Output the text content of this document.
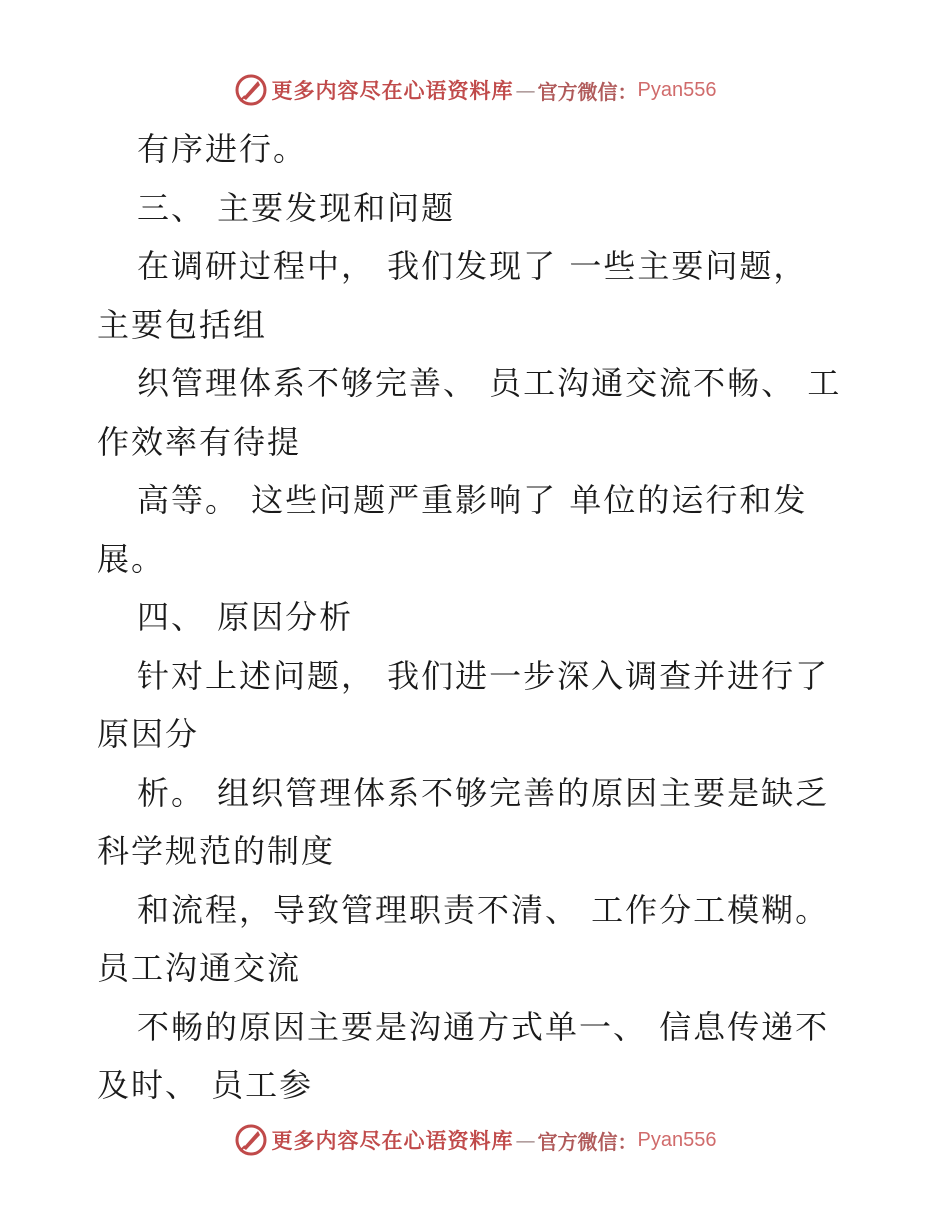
更多内容尽在心语资料库 — 官方微信： Pyan556
有序进行。
三、 主要发现和问题
在调研过程中， 我们发现了 一些主要问题，
主要包括组
织管理体系不够完善、 员工沟通交流不畅、 工
作效率有待提
高等。 这些问题严重影响了 单位的运行和发
展。
四、 原因分析
针对上述问题， 我们进一步深入调查并进行了
原因分
析。 组织管理体系不够完善的原因主要是缺乏
科学规范的制度
和流程，导致管理职责不清、 工作分工模糊。
员工沟通交流
不畅的原因主要是沟通方式单一、 信息传递不
及时、 员工参
更多内容尽在心语资料库 — 官方微信： Pyan556
